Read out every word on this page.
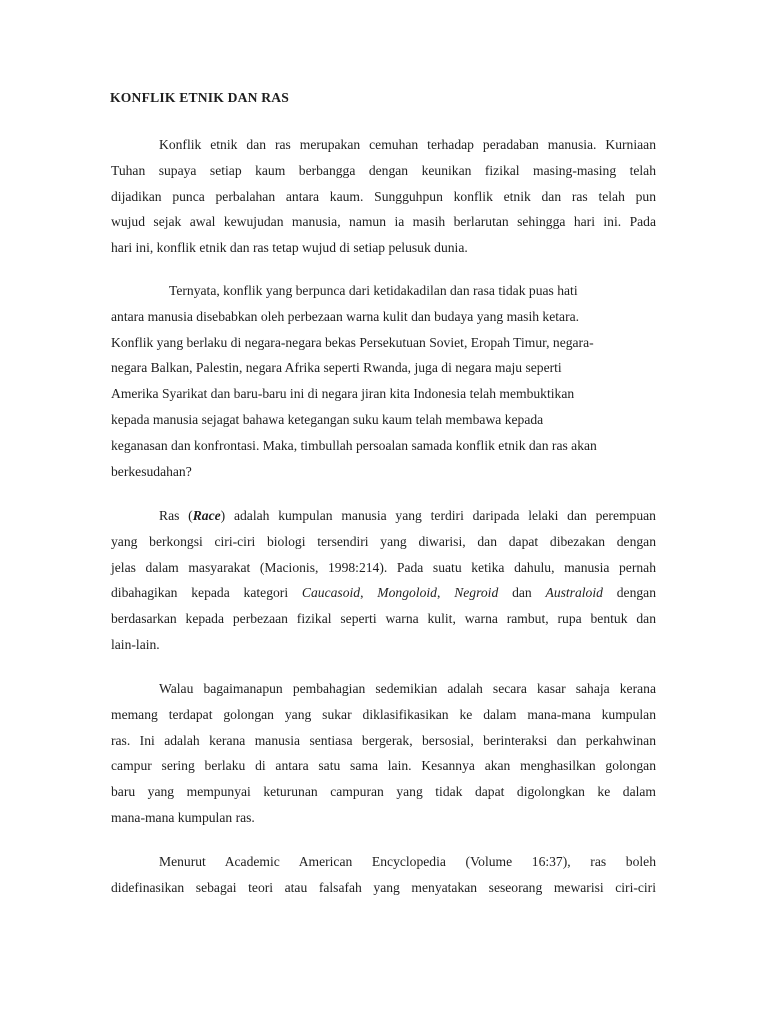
KONFLIK ETNIK DAN RAS
Konflik etnik dan ras merupakan cemuhan terhadap peradaban manusia. Kurniaan
Tuhan supaya setiap kaum berbangga dengan keunikan fizikal masing-masing telah
dijadikan punca perbalahan antara kaum. Sungguhpun konflik etnik dan ras telah pun
wujud sejak awal kewujudan manusia, namun ia masih berlarutan sehingga hari ini. Pada
hari ini, konflik etnik dan ras tetap wujud di setiap pelusuk dunia.
Ternyata, konflik yang berpunca dari ketidakadilan dan rasa tidak puas hati
antara manusia disebabkan oleh perbezaan warna kulit dan budaya yang masih ketara.
Konflik yang berlaku di negara-negara bekas Persekutuan Soviet, Eropah Timur, negara-
negara Balkan, Palestin, negara Afrika seperti Rwanda, juga di negara maju seperti
Amerika Syarikat dan baru-baru ini di negara jiran kita Indonesia telah membuktikan
kepada manusia sejagat bahawa ketegangan suku kaum telah membawa kepada
keganasan dan konfrontasi. Maka, timbullah persoalan samada konflik etnik dan ras akan
berkesudahan?
Ras (Race) adalah kumpulan manusia yang terdiri daripada lelaki dan perempuan
yang berkongsi ciri-ciri biologi tersendiri yang diwarisi, dan dapat dibezakan dengan
jelas dalam masyarakat (Macionis, 1998:214). Pada suatu ketika dahulu, manusia pernah
dibahagikan kepada kategori Caucasoid, Mongoloid, Negroid dan Australoid dengan
berdasarkan kepada perbezaan fizikal seperti warna kulit, warna rambut, rupa bentuk dan
lain-lain.
Walau bagaimanapun pembahagian sedemikian adalah secara kasar sahaja kerana
memang terdapat golongan yang sukar diklasifikasikan ke dalam mana-mana kumpulan
ras. Ini adalah kerana manusia sentiasa bergerak, bersosial, berinteraksi dan perkahwinan
campur sering berlaku di antara satu sama lain. Kesannya akan menghasilkan golongan
baru yang mempunyai keturunan campuran yang tidak dapat digolongkan ke dalam
mana-mana kumpulan ras.
Menurut Academic American Encyclopedia (Volume 16:37), ras boleh
didefinasikan sebagai teori atau falsafah yang menyatakan seseorang mewarisi ciri-ciri
